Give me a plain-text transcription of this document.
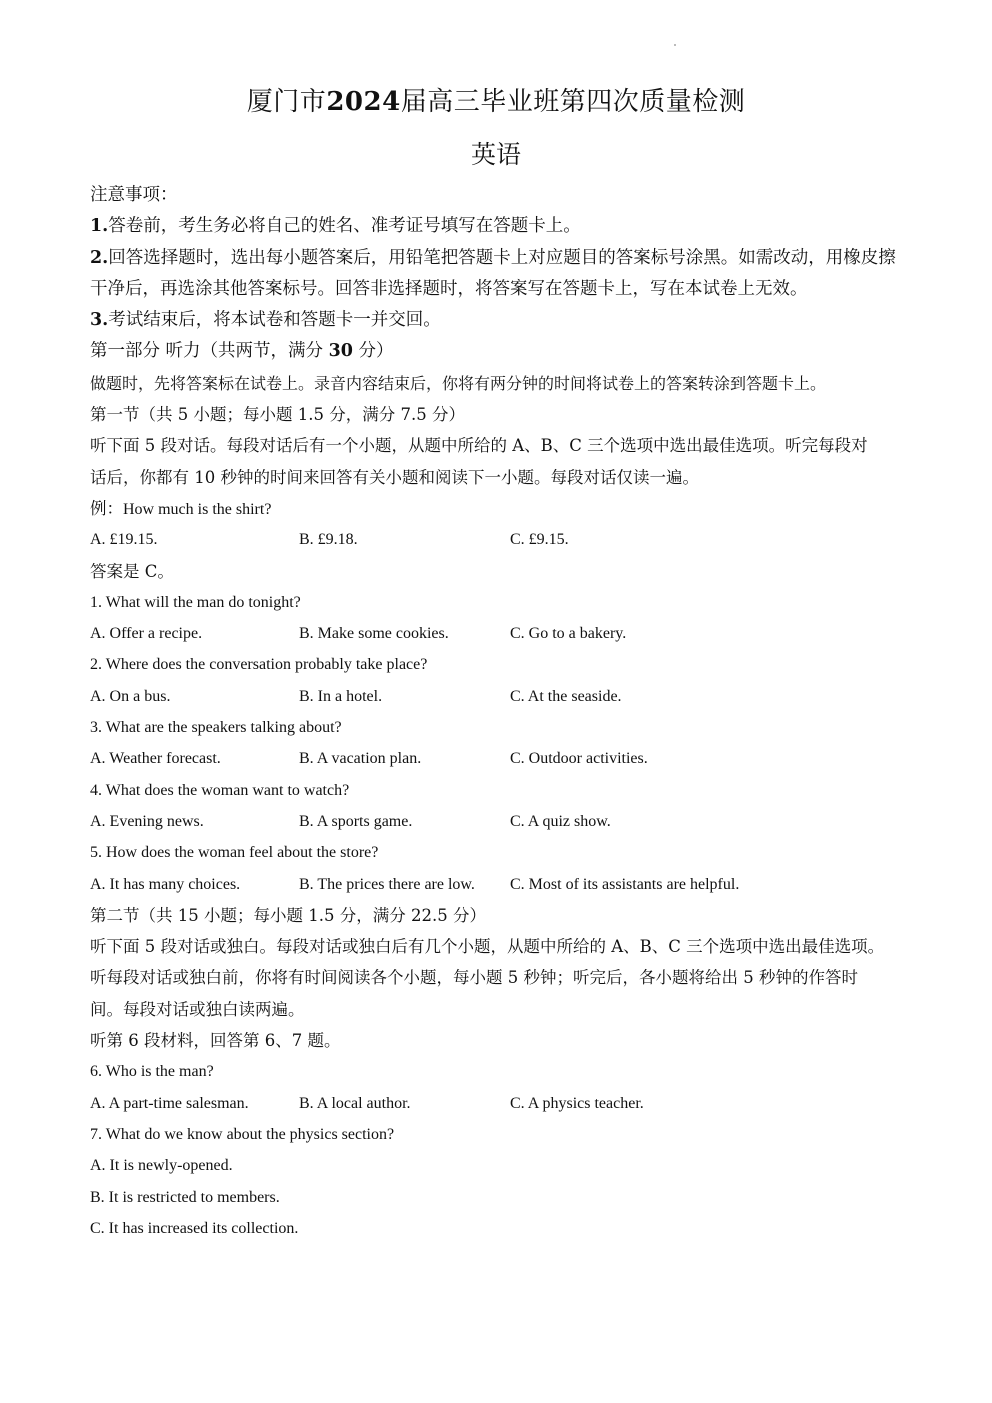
厦门市2024届高三毕业班第四次质量检测
英语
注意事项：
1.答卷前，考生务必将自己的姓名、准考证号填写在答题卡上。
2.回答选择题时，选出每小题答案后，用铅笔把答题卡上对应题目的答案标号涂黑。如需改动，用橡皮擦干净后，再选涂其他答案标号。回答非选择题时，将答案写在答题卡上，写在本试卷上无效。
3.考试结束后，将本试卷和答题卡一并交回。
第一部分 听力（共两节，满分 30 分）
做题时，先将答案标在试卷上。录音内容结束后，你将有两分钟的时间将试卷上的答案转涂到答题卡上。
第一节（共 5 小题；每小题 1.5 分，满分 7.5 分）
听下面 5 段对话。每段对话后有一个小题，从题中所给的 A、B、C 三个选项中选出最佳选项。听完每段对
话后，你都有 10 秒钟的时间来回答有关小题和阅读下一小题。每段对话仅读一遍。
例：How much is the shirt?
A. £19.15.	B. £9.18.	C. £9.15.
答案是 C。
1. What will the man do tonight?
A. Offer a recipe.	B. Make some cookies.	C. Go to a bakery.
2. Where does the conversation probably take place?
A. On a bus.	B. In a hotel.	C. At the seaside.
3. What are the speakers talking about?
A. Weather forecast.	B. A vacation plan.	C. Outdoor activities.
4. What does the woman want to watch?
A. Evening news.	B. A sports game.	C. A quiz show.
5. How does the woman feel about the store?
A. It has many choices.	B. The prices there are low.	C. Most of its assistants are helpful.
第二节（共 15 小题；每小题 1.5 分，满分 22.5 分）
听下面 5 段对话或独白。每段对话或独白后有几个小题，从题中所给的 A、B、C 三个选项中选出最佳选项。
听每段对话或独白前，你将有时间阅读各个小题，每小题 5 秒钟；听完后，各小题将给出 5 秒钟的作答时
间。每段对话或独白读两遍。
听第 6 段材料，回答第 6、7 题。
6. Who is the man?
A. A part-time salesman.	B. A local author.	C. A physics teacher.
7. What do we know about the physics section?
A. It is newly-opened.
B. It is restricted to members.
C. It has increased its collection.
